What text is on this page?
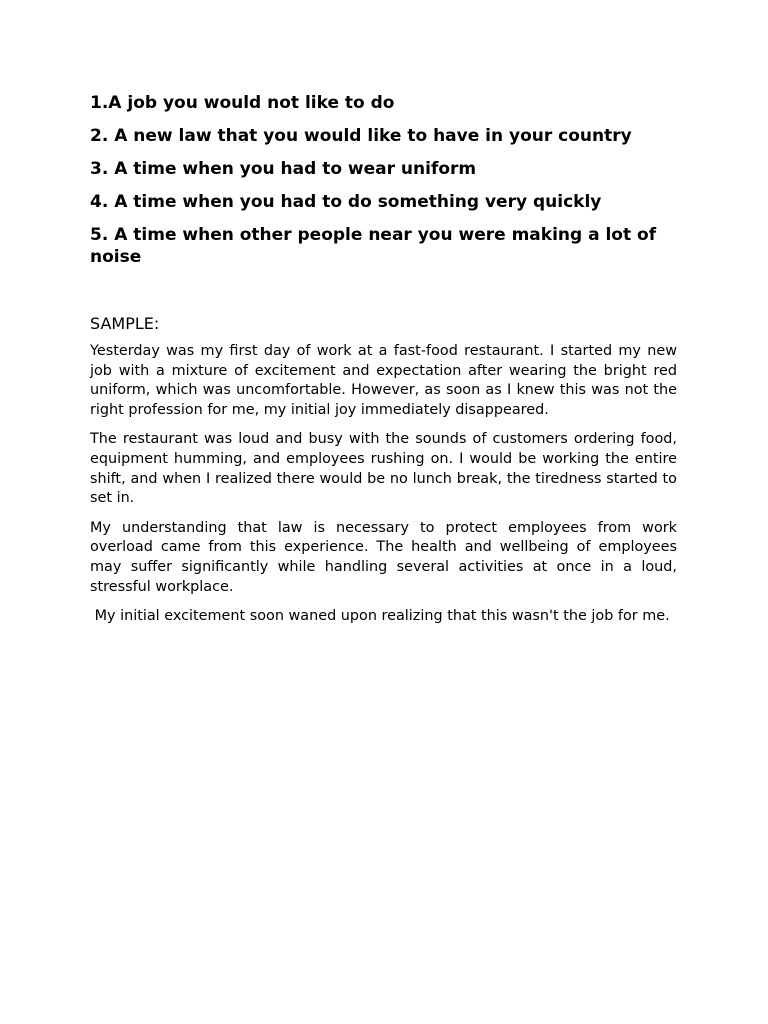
1.A job you would not like to do
2. A new law that you would like to have in your country
3. A time when you had to wear uniform
4. A time when you had to do something very quickly
5. A time when other people near you were making a lot of noise
SAMPLE:

Yesterday was my first day of work at a fast-food restaurant. I started my new job with a mixture of excitement and expectation after wearing the bright red uniform, which was uncomfortable. However, as soon as I knew this was not the right profession for me, my initial joy immediately disappeared.

The restaurant was loud and busy with the sounds of customers ordering food, equipment humming, and employees rushing on. I would be working the entire shift, and when I realized there would be no lunch break, the tiredness started to set in.

My understanding that law is necessary to protect employees from work overload came from this experience. The health and wellbeing of employees may suffer significantly while handling several activities at once in a loud, stressful workplace.

My initial excitement soon waned upon realizing that this wasn't the job for me.
